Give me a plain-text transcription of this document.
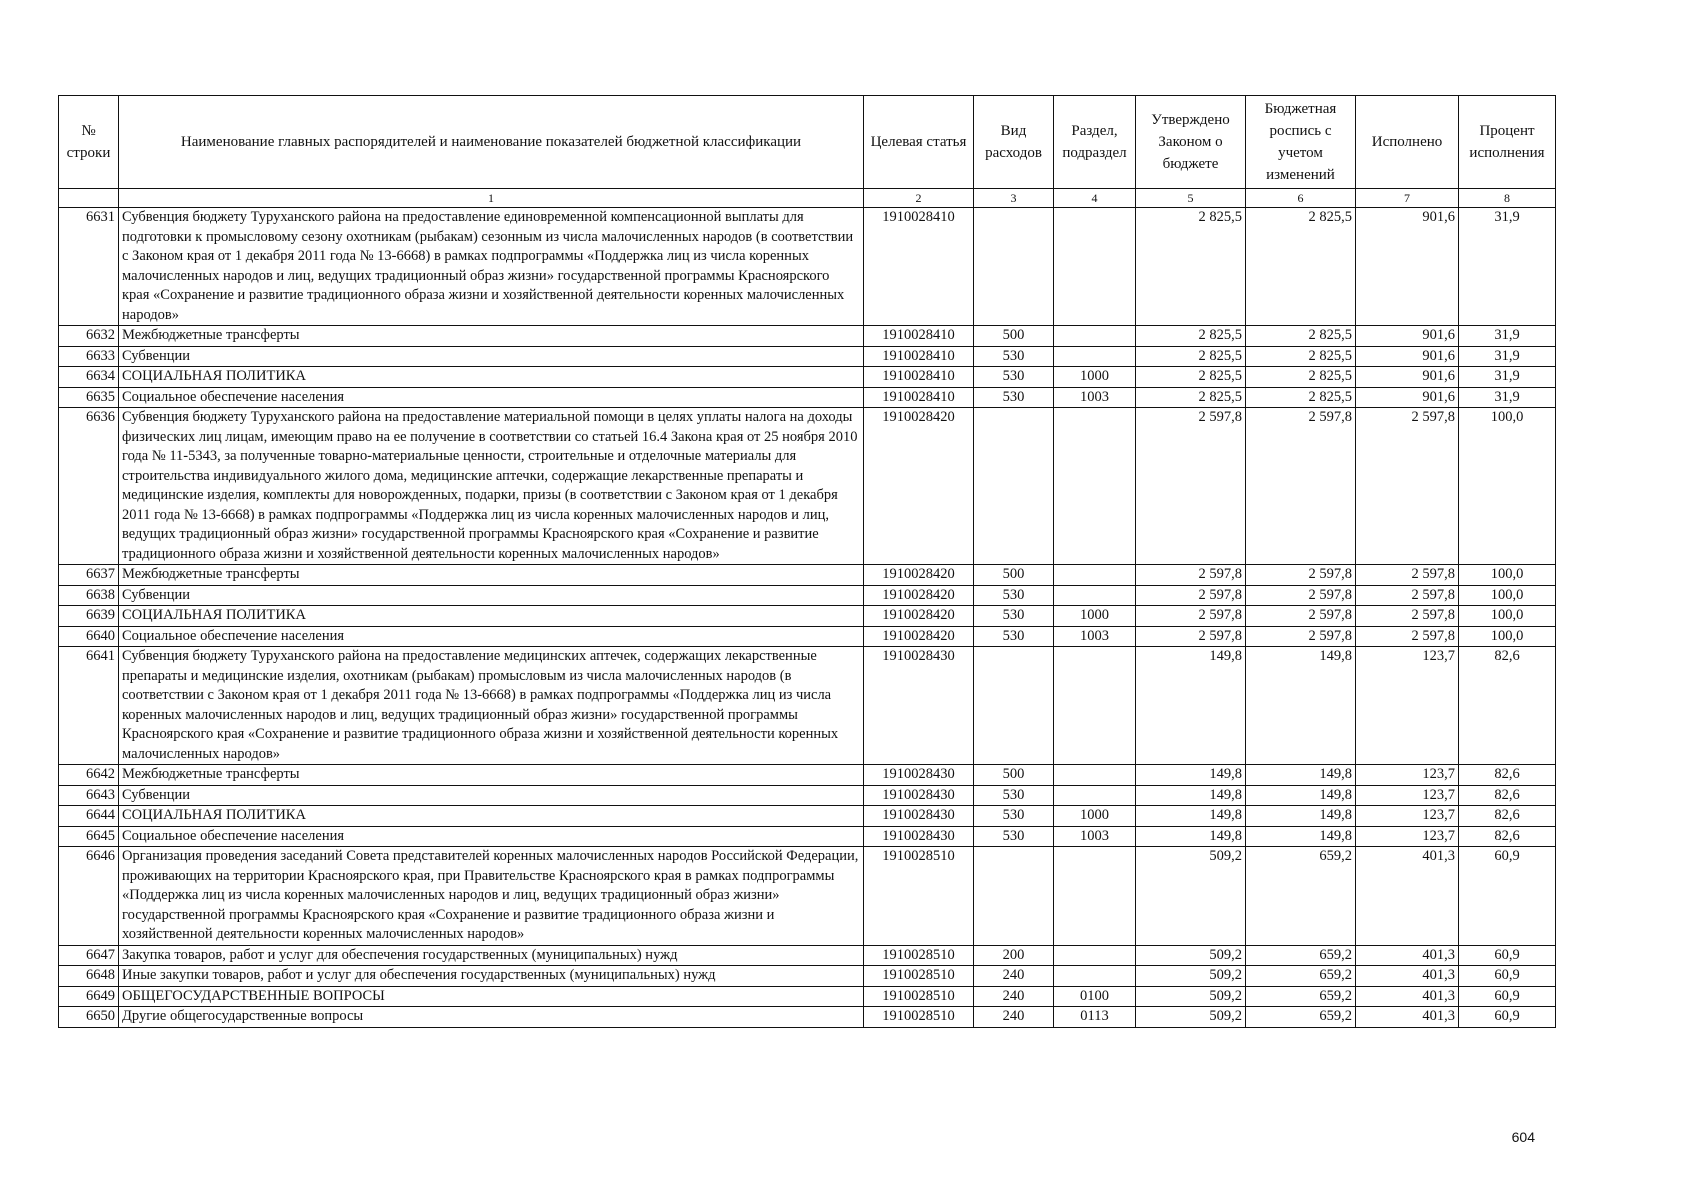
№ строки	Наименование главных распорядителей и наименование показателей бюджетной классификации	Целевая статья	Вид расходов	Раздел, подраздел	Утверждено Законом о бюджете	Бюджетная роспись с учетом изменений	Исполнено	Процент исполнения
	1	2	3	4	5	6	7	8
6631	Субвенция бюджету Туруханского района на предоставление единовременной компенсационной выплаты для подготовки к промысловому сезону охотникам (рыбакам) сезонным из числа малочисленных народов (в соответствии с Законом края от 1 декабря 2011 года № 13-6668) в рамках подпрограммы «Поддержка лиц из числа коренных малочисленных народов и лиц, ведущих традиционный образ жизни» государственной программы Красноярского края «Сохранение и развитие традиционного образа жизни и хозяйственной деятельности коренных малочисленных народов»	1910028410			2 825,5	2 825,5	901,6	31,9
6632	Межбюджетные трансферты	1910028410	500		2 825,5	2 825,5	901,6	31,9
6633	Субвенции	1910028410	530		2 825,5	2 825,5	901,6	31,9
6634	СОЦИАЛЬНАЯ ПОЛИТИКА	1910028410	530	1000	2 825,5	2 825,5	901,6	31,9
6635	Социальное обеспечение населения	1910028410	530	1003	2 825,5	2 825,5	901,6	31,9
6636	Субвенция бюджету Туруханского района на предоставление материальной помощи в целях уплаты налога на доходы физических лиц лицам, имеющим право на ее получение в соответствии со статьей 16.4 Закона края от 25 ноября 2010 года № 11-5343, за полученные товарно-материальные ценности, строительные и отделочные материалы для строительства индивидуального жилого дома, медицинские аптечки, содержащие лекарственные препараты и медицинские изделия, комплекты для новорожденных, подарки, призы (в соответствии с Законом края от 1 декабря 2011 года № 13-6668) в рамках подпрограммы «Поддержка лиц из числа коренных малочисленных народов и лиц, ведущих традиционный образ жизни» государственной программы Красноярского края «Сохранение и развитие традиционного образа жизни и хозяйственной деятельности коренных малочисленных народов»	1910028420			2 597,8	2 597,8	2 597,8	100,0
6637	Межбюджетные трансферты	1910028420	500		2 597,8	2 597,8	2 597,8	100,0
6638	Субвенции	1910028420	530		2 597,8	2 597,8	2 597,8	100,0
6639	СОЦИАЛЬНАЯ ПОЛИТИКА	1910028420	530	1000	2 597,8	2 597,8	2 597,8	100,0
6640	Социальное обеспечение населения	1910028420	530	1003	2 597,8	2 597,8	2 597,8	100,0
6641	Субвенция бюджету Туруханского района на предоставление медицинских аптечек, содержащих лекарственные препараты и медицинские изделия, охотникам (рыбакам) промысловым из числа малочисленных народов (в соответствии с Законом края от 1 декабря 2011 года № 13-6668) в рамках подпрограммы «Поддержка лиц из числа коренных малочисленных народов и лиц, ведущих традиционный образ жизни» государственной программы Красноярского края «Сохранение и развитие традиционного образа жизни и хозяйственной деятельности коренных малочисленных народов»	1910028430			149,8	149,8	123,7	82,6
6642	Межбюджетные трансферты	1910028430	500		149,8	149,8	123,7	82,6
6643	Субвенции	1910028430	530		149,8	149,8	123,7	82,6
6644	СОЦИАЛЬНАЯ ПОЛИТИКА	1910028430	530	1000	149,8	149,8	123,7	82,6
6645	Социальное обеспечение населения	1910028430	530	1003	149,8	149,8	123,7	82,6
6646	Организация проведения заседаний Совета представителей коренных малочисленных народов Российской Федерации, проживающих на территории Красноярского края, при Правительстве Красноярского края в рамках подпрограммы «Поддержка лиц из числа коренных малочисленных народов и лиц, ведущих традиционный образ жизни» государственной программы Красноярского края «Сохранение и развитие традиционного образа жизни и хозяйственной деятельности коренных малочисленных народов»	1910028510			509,2	659,2	401,3	60,9
6647	Закупка товаров, работ и услуг для обеспечения государственных (муниципальных) нужд	1910028510	200		509,2	659,2	401,3	60,9
6648	Иные закупки товаров, работ и услуг для обеспечения государственных (муниципальных) нужд	1910028510	240		509,2	659,2	401,3	60,9
6649	ОБЩЕГОСУДАРСТВЕННЫЕ ВОПРОСЫ	1910028510	240	0100	509,2	659,2	401,3	60,9
6650	Другие общегосударственные вопросы	1910028510	240	0113	509,2	659,2	401,3	60,9
604
